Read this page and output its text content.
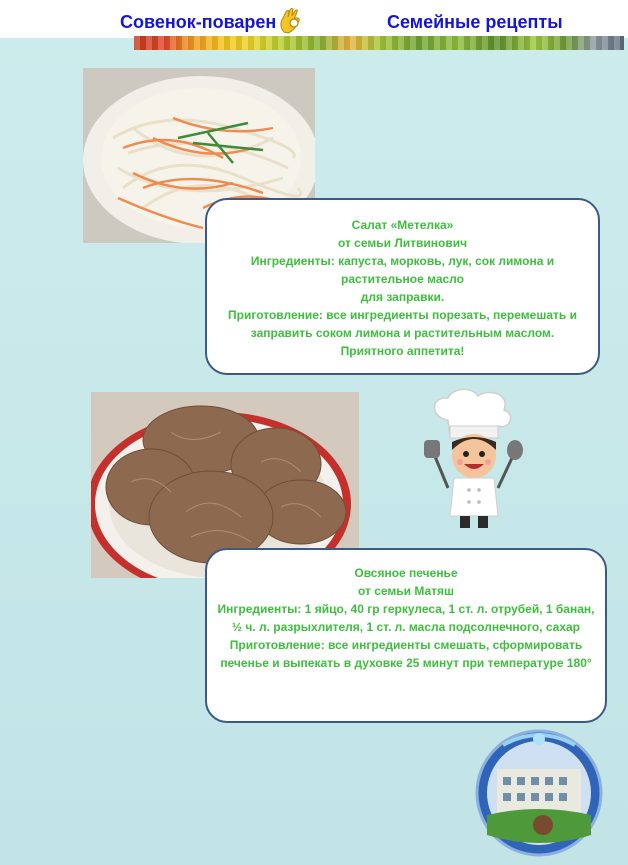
Совенок-поварен	Семейные рецепты

Салат «Метелка»

от семьи Литвинович

Ингредиенты: капуста, морковь, лук, сок лимона и растительное масло

для заправки.

Приготовление: все ингредиенты порезать, перемешать и заправить соком лимона и растительным маслом.

Приятного аппетита!

Овсяное печенье

от семьи Матяш

Ингредиенты: 1 яйцо, 40 гр геркулеса, 1 ст. л. отрубей, 1 банан, ½ ч. л. разрыхлителя, 1 ст. л. масла подсолнечного, сахар

Приготовление: все ингредиенты смешать, сформировать печенье и выпекать в духовке 25 минут при температуре 180°
